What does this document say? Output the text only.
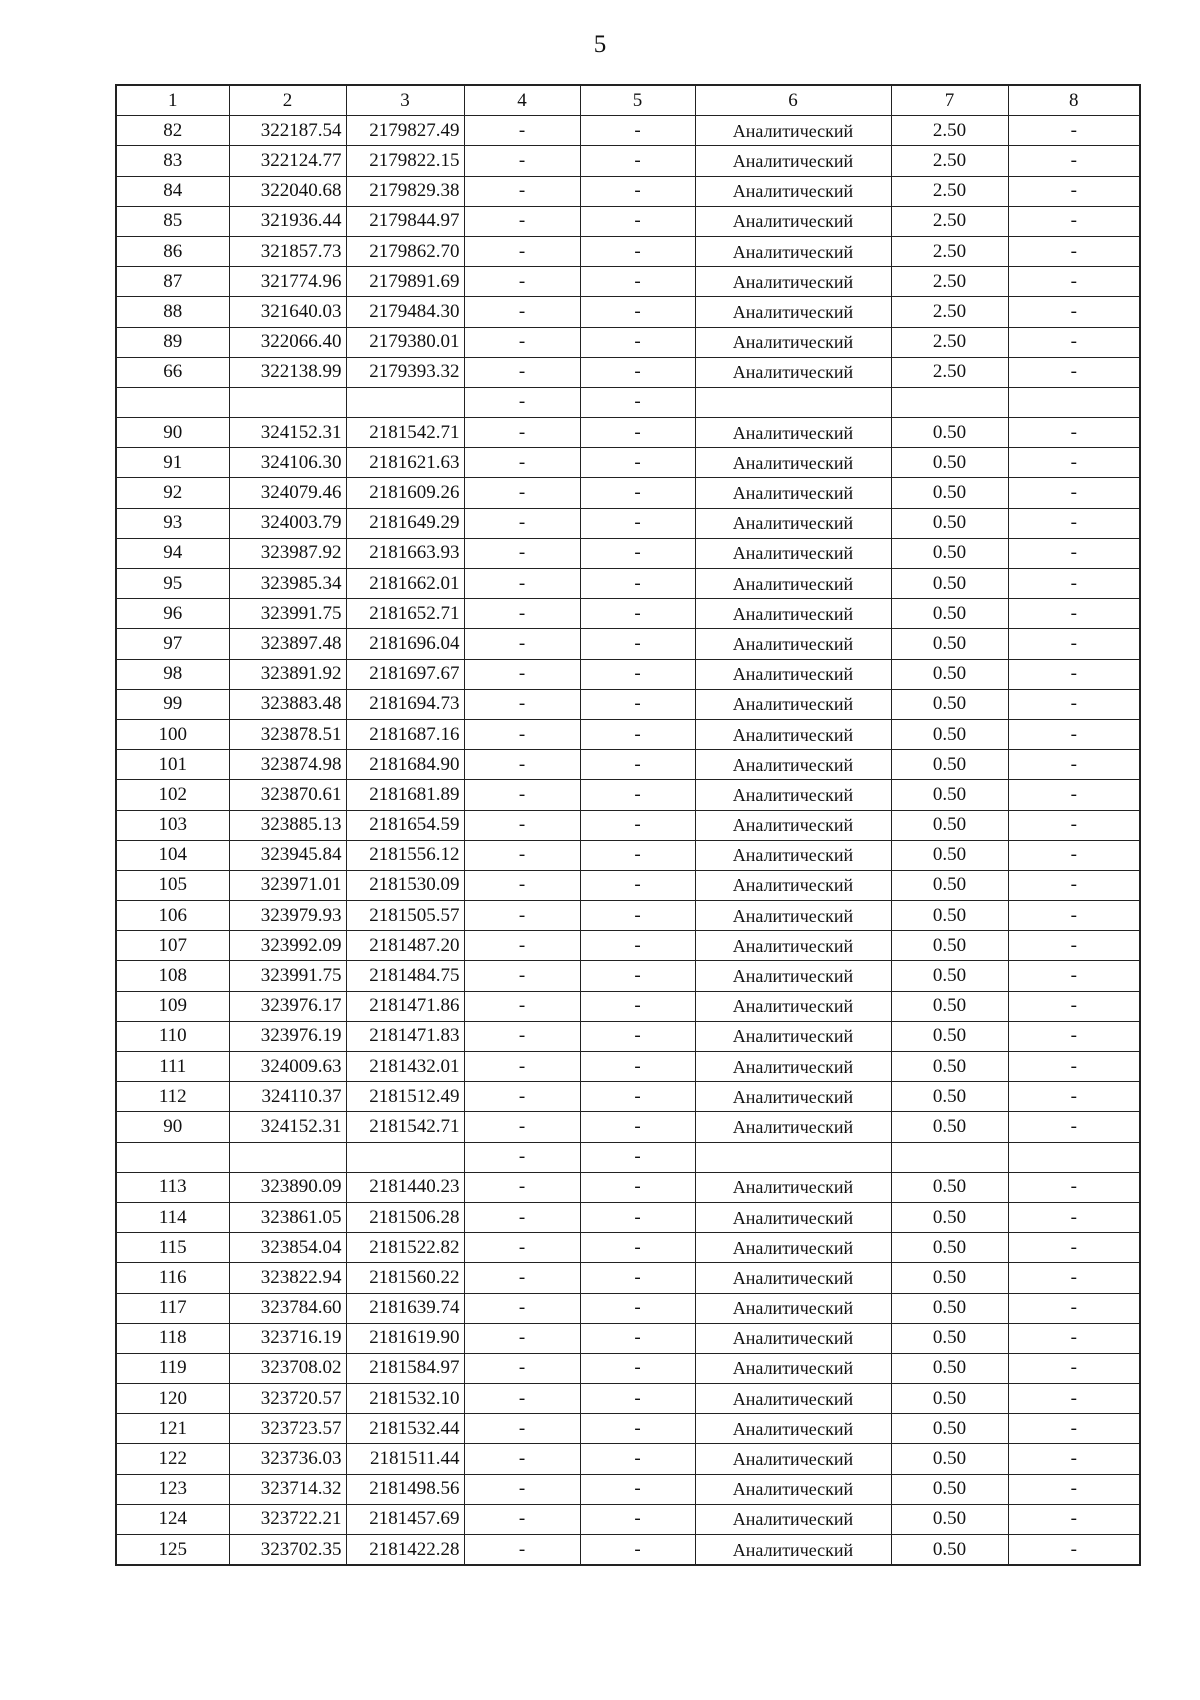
5
1	2	3	4	5	6	7	8
82	322187.54	2179827.49	-	-	Аналитический	2.50	-
83	322124.77	2179822.15	-	-	Аналитический	2.50	-
84	322040.68	2179829.38	-	-	Аналитический	2.50	-
85	321936.44	2179844.97	-	-	Аналитический	2.50	-
86	321857.73	2179862.70	-	-	Аналитический	2.50	-
87	321774.96	2179891.69	-	-	Аналитический	2.50	-
88	321640.03	2179484.30	-	-	Аналитический	2.50	-
89	322066.40	2179380.01	-	-	Аналитический	2.50	-
66	322138.99	2179393.32	-	-	Аналитический	2.50	-
			-	-			
90	324152.31	2181542.71	-	-	Аналитический	0.50	-
91	324106.30	2181621.63	-	-	Аналитический	0.50	-
92	324079.46	2181609.26	-	-	Аналитический	0.50	-
93	324003.79	2181649.29	-	-	Аналитический	0.50	-
94	323987.92	2181663.93	-	-	Аналитический	0.50	-
95	323985.34	2181662.01	-	-	Аналитический	0.50	-
96	323991.75	2181652.71	-	-	Аналитический	0.50	-
97	323897.48	2181696.04	-	-	Аналитический	0.50	-
98	323891.92	2181697.67	-	-	Аналитический	0.50	-
99	323883.48	2181694.73	-	-	Аналитический	0.50	-
100	323878.51	2181687.16	-	-	Аналитический	0.50	-
101	323874.98	2181684.90	-	-	Аналитический	0.50	-
102	323870.61	2181681.89	-	-	Аналитический	0.50	-
103	323885.13	2181654.59	-	-	Аналитический	0.50	-
104	323945.84	2181556.12	-	-	Аналитический	0.50	-
105	323971.01	2181530.09	-	-	Аналитический	0.50	-
106	323979.93	2181505.57	-	-	Аналитический	0.50	-
107	323992.09	2181487.20	-	-	Аналитический	0.50	-
108	323991.75	2181484.75	-	-	Аналитический	0.50	-
109	323976.17	2181471.86	-	-	Аналитический	0.50	-
110	323976.19	2181471.83	-	-	Аналитический	0.50	-
111	324009.63	2181432.01	-	-	Аналитический	0.50	-
112	324110.37	2181512.49	-	-	Аналитический	0.50	-
90	324152.31	2181542.71	-	-	Аналитический	0.50	-
			-	-			
113	323890.09	2181440.23	-	-	Аналитический	0.50	-
114	323861.05	2181506.28	-	-	Аналитический	0.50	-
115	323854.04	2181522.82	-	-	Аналитический	0.50	-
116	323822.94	2181560.22	-	-	Аналитический	0.50	-
117	323784.60	2181639.74	-	-	Аналитический	0.50	-
118	323716.19	2181619.90	-	-	Аналитический	0.50	-
119	323708.02	2181584.97	-	-	Аналитический	0.50	-
120	323720.57	2181532.10	-	-	Аналитический	0.50	-
121	323723.57	2181532.44	-	-	Аналитический	0.50	-
122	323736.03	2181511.44	-	-	Аналитический	0.50	-
123	323714.32	2181498.56	-	-	Аналитический	0.50	-
124	323722.21	2181457.69	-	-	Аналитический	0.50	-
125	323702.35	2181422.28	-	-	Аналитический	0.50	-
